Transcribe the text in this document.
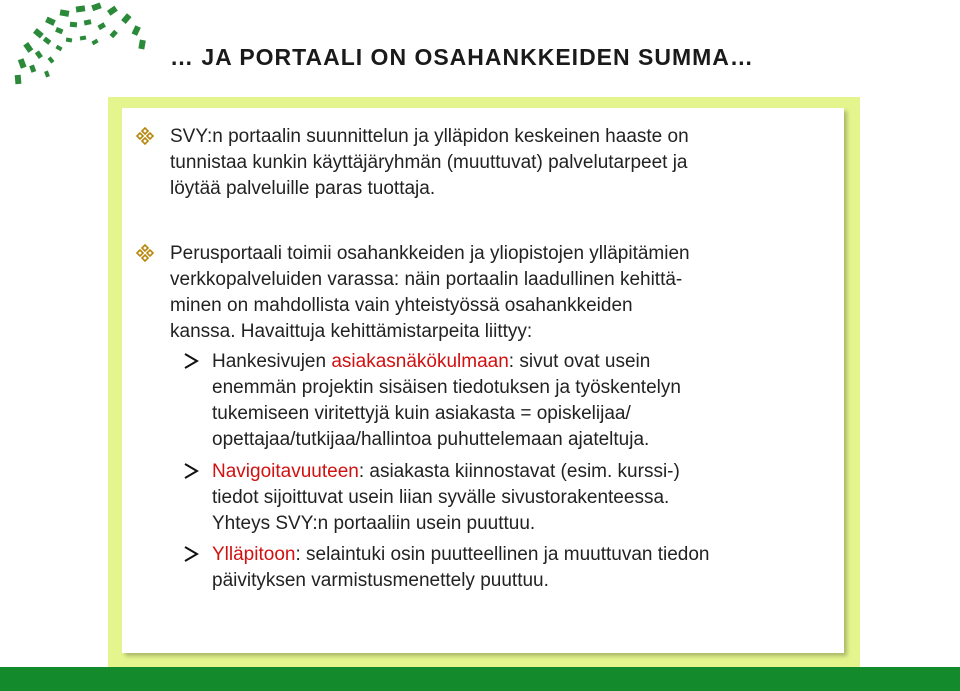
… JA PORTAALI ON OSAHANKKEIDEN SUMMA…
SVY:n portaalin suunnittelun ja ylläpidon keskeinen haaste on
tunnistaa kunkin käyttäjäryhmän (muuttuvat) palvelutarpeet ja
löytää palveluille paras tuottaja.
Perusportaali toimii osahankkeiden ja yliopistojen ylläpitämien
verkkopalveluiden varassa: näin portaalin laadullinen kehittä-
minen on mahdollista vain yhteistyössä osahankkeiden
kanssa. Havaittuja kehittämistarpeita liittyy:
Hankesivujen asiakasnäkökulmaan: sivut ovat usein
enemmän projektin sisäisen tiedotuksen ja työskentelyn
tukemiseen viritettyjä kuin asiakasta = opiskelijaa/
opettajaa/tutkijaa/hallintoa puhuttelemaan ajateltuja.
Navigoitavuuteen: asiakasta kiinnostavat (esim. kurssi-)
tiedot sijoittuvat usein liian syvälle sivustorakenteessa.
Yhteys SVY:n portaaliin usein puuttuu.
Ylläpitoon: selaintuki osin puutteellinen ja muuttuvan tiedon
päivityksen varmistusmenettely puuttuu.
